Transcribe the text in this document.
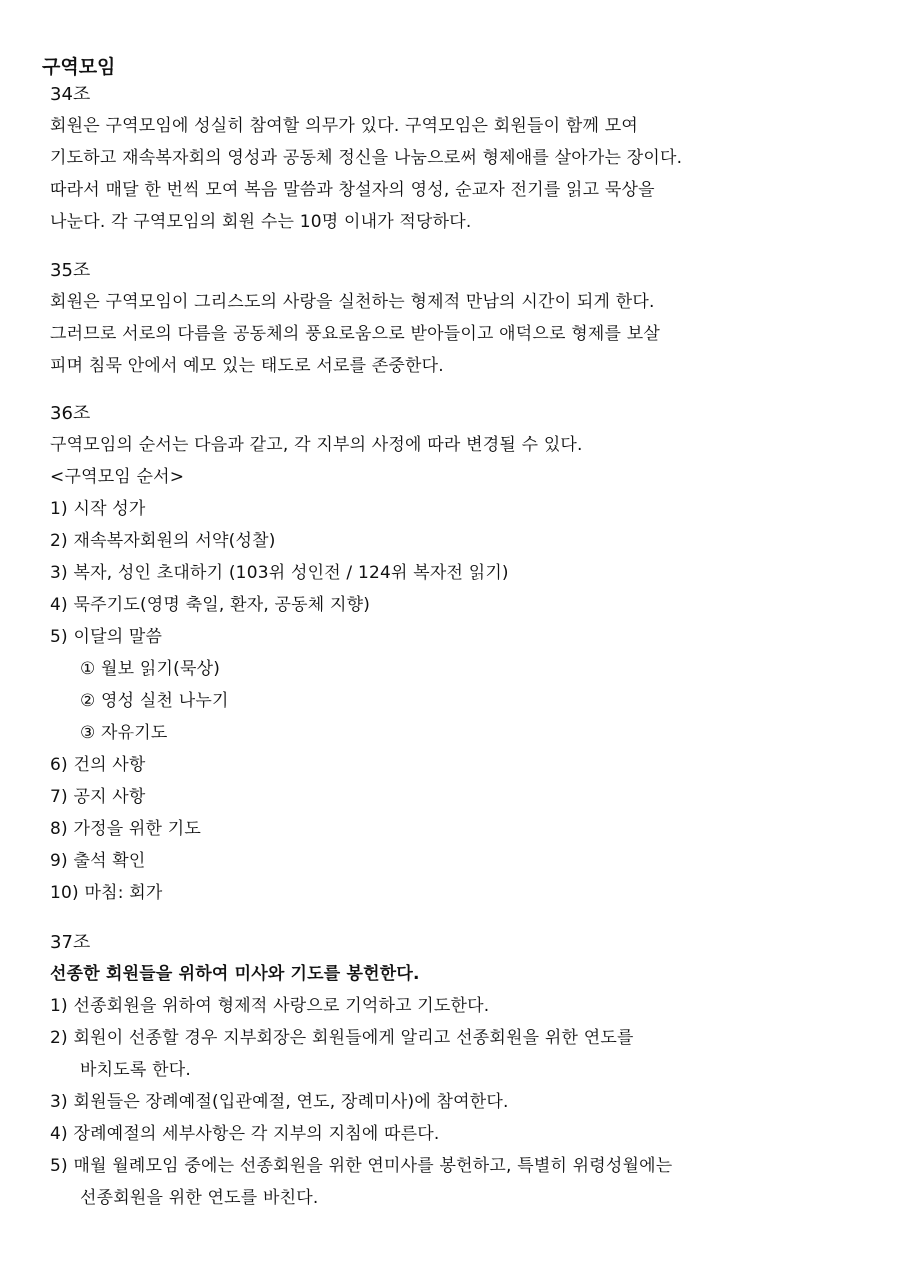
구역모임
34조
회원은 구역모임에 성실히 참여할 의무가 있다. 구역모임은 회원들이 함께 모여
기도하고 재속복자회의 영성과 공동체 정신을 나눔으로써 형제애를 살아가는 장이다.
따라서 매달 한 번씩 모여 복음 말씀과 창설자의 영성, 순교자 전기를 읽고 묵상을
나눈다. 각 구역모임의 회원 수는 10명 이내가 적당하다.
35조
회원은 구역모임이 그리스도의 사랑을 실천하는 형제적 만남의 시간이 되게 한다.
그러므로 서로의 다름을 공동체의 풍요로움으로 받아들이고 애덕으로 형제를 보살
피며 침묵 안에서 예모 있는 태도로 서로를 존중한다.
36조
구역모임의 순서는 다음과 같고, 각 지부의 사정에 따라 변경될 수 있다.
<구역모임 순서>
1) 시작 성가
2) 재속복자회원의 서약(성찰)
3) 복자, 성인 초대하기 (103위 성인전 / 124위 복자전 읽기)
4) 묵주기도(영명 축일, 환자, 공동체 지향)
5) 이달의 말씀
① 월보 읽기(묵상)
② 영성 실천 나누기
③ 자유기도
6) 건의 사항
7) 공지 사항
8) 가정을 위한 기도
9) 출석 확인
10) 마침: 회가
37조
선종한 회원들을 위하여 미사와 기도를 봉헌한다.
1) 선종회원을 위하여 형제적 사랑으로 기억하고 기도한다.
2) 회원이 선종할 경우 지부회장은 회원들에게 알리고 선종회원을 위한 연도를
바치도록 한다.
3) 회원들은 장례예절(입관예절, 연도, 장례미사)에 참여한다.
4) 장례예절의 세부사항은 각 지부의 지침에 따른다.
5) 매월 월례모임 중에는 선종회원을 위한 연미사를 봉헌하고, 특별히 위령성월에는
선종회원을 위한 연도를 바친다.
